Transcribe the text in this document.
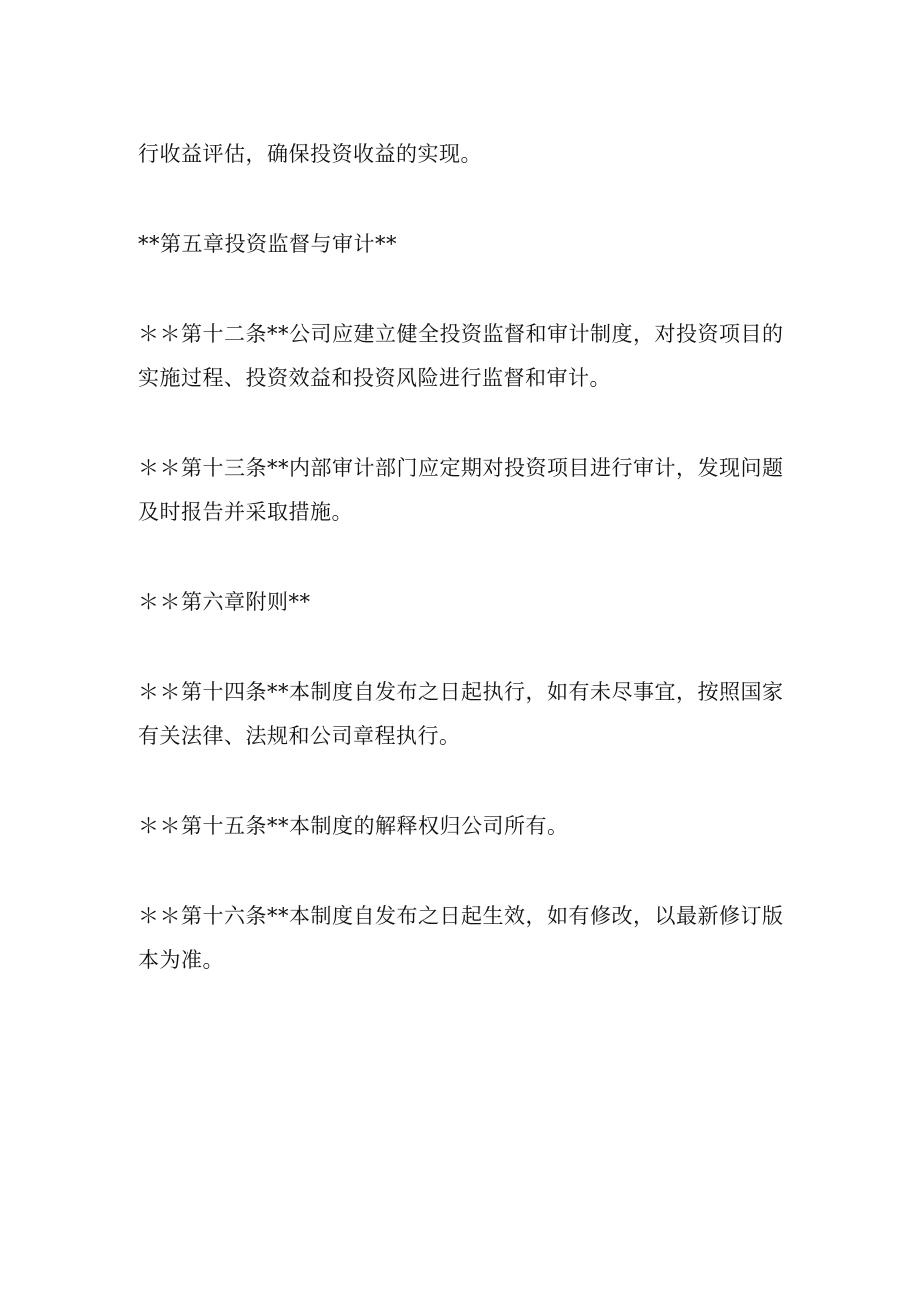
行收益评估，确保投资收益的实现。

**第五章投资监督与审计**

＊＊第十二条**公司应建立健全投资监督和审计制度，对投资项目的实施过程、投资效益和投资风险进行监督和审计。

＊＊第十三条**内部审计部门应定期对投资项目进行审计，发现问题及时报告并采取措施。

＊＊第六章附则**

＊＊第十四条**本制度自发布之日起执行，如有未尽事宜，按照国家有关法律、法规和公司章程执行。

＊＊第十五条**本制度的解释权归公司所有。

＊＊第十六条**本制度自发布之日起生效，如有修改，以最新修订版本为准。
